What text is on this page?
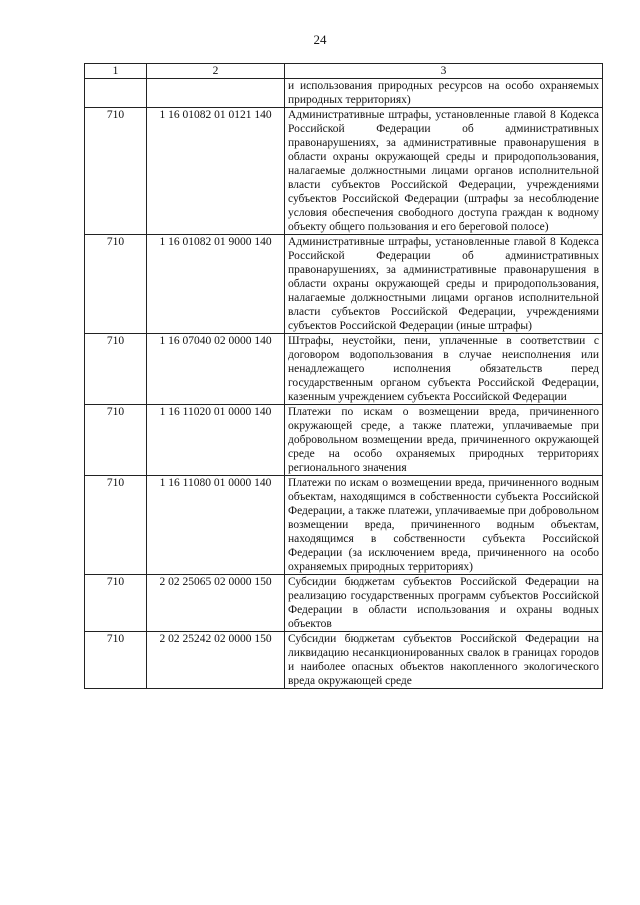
24
1	2	3
		и использования природных ресурсов на особо охраняемых природных территориях)
710	1 16 01082 01 0121 140	Административные штрафы, установленные главой 8 Кодекса Российской Федерации об административных правонарушениях, за административные правонарушения в области охраны окружающей среды и природопользования, налагаемые должностными лицами органов исполнительной власти субъектов Российской Федерации, учреждениями субъектов Российской Федерации (штрафы за несоблюдение условия обеспечения свободного доступа граждан к водному объекту общего пользования и его береговой полосе)
710	1 16 01082 01 9000 140	Административные штрафы, установленные главой 8 Кодекса Российской Федерации об административных правонарушениях, за административные правонарушения в области охраны окружающей среды и природопользования, налагаемые должностными лицами органов исполнительной власти субъектов Российской Федерации, учреждениями субъектов Российской Федерации (иные штрафы)
710	1 16 07040 02 0000 140	Штрафы, неустойки, пени, уплаченные в соответствии с договором водопользования в случае неисполнения или ненадлежащего исполнения обязательств перед государственным органом субъекта Российской Федерации, казенным учреждением субъекта Российской Федерации
710	1 16 11020 01 0000 140	Платежи по искам о возмещении вреда, причиненного окружающей среде, а также платежи, уплачиваемые при добровольном возмещении вреда, причиненного окружающей среде на особо охраняемых природных территориях регионального значения
710	1 16 11080 01 0000 140	Платежи по искам о возмещении вреда, причиненного водным объектам, находящимся в собственности субъекта Российской Федерации, а также платежи, уплачиваемые при добровольном возмещении вреда, причиненного водным объектам, находящимся в собственности субъекта Российской Федерации (за исключением вреда, причиненного на особо охраняемых природных территориях)
710	2 02 25065 02 0000 150	Субсидии бюджетам субъектов Российской Федерации на реализацию государственных программ субъектов Российской Федерации в области использования и охраны водных объектов
710	2 02 25242 02 0000 150	Субсидии бюджетам субъектов Российской Федерации на ликвидацию несанкционированных свалок в границах городов и наиболее опасных объектов накопленного экологического вреда окружающей среде
